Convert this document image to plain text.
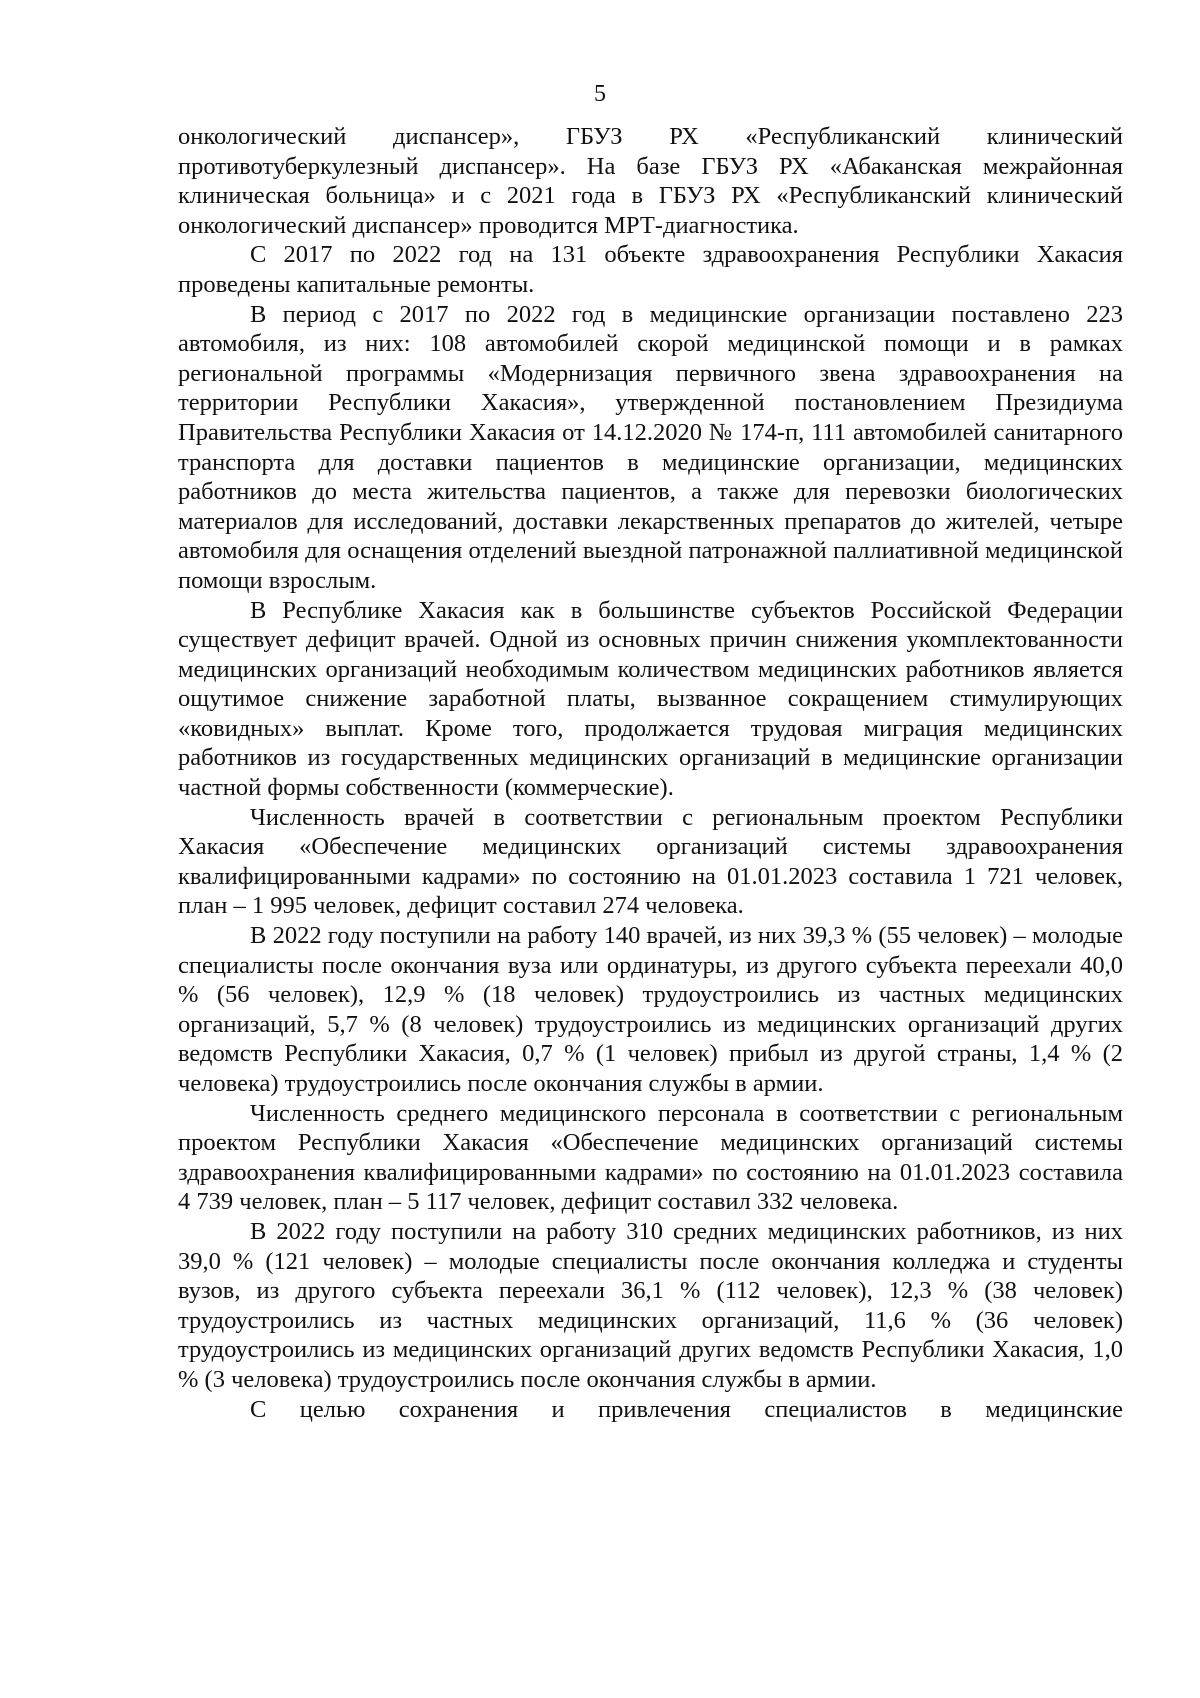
5

онкологический диспансер», ГБУЗ РХ «Республиканский клинический противотуберкулезный диспансер». На базе ГБУЗ РХ «Абаканская межрайонная клиническая больница» и с 2021 года в ГБУЗ РХ «Республиканский клинический онкологический диспансер» проводится МРТ-диагностика.

С 2017 по 2022 год на 131 объекте здравоохранения Республики Хакасия проведены капитальные ремонты.

В период с 2017 по 2022 год в медицинские организации поставлено 223 автомобиля, из них: 108 автомобилей скорой медицинской помощи и в рамках региональной программы «Модернизация первичного звена здравоохранения на территории Республики Хакасия», утвержденной постановлением Президиума Правительства Республики Хакасия от 14.12.2020 № 174-п, 111 автомобилей санитарного транспорта для доставки пациентов в медицинские организации, медицинских работников до места жительства пациентов, а также для перевозки биологических материалов для исследований, доставки лекарственных препаратов до жителей, четыре автомобиля для оснащения отделений выездной патронажной паллиативной медицинской помощи взрослым.

В Республике Хакасия как в большинстве субъектов Российской Федерации существует дефицит врачей. Одной из основных причин снижения укомплектованности медицинских организаций необходимым количеством медицинских работников является ощутимое снижение заработной платы, вызванное сокращением стимулирующих «ковидных» выплат. Кроме того, продолжается трудовая миграция медицинских работников из государственных медицинских организаций в медицинские организации частной формы собственности (коммерческие).

Численность врачей в соответствии с региональным проектом Республики Хакасия «Обеспечение медицинских организаций системы здравоохранения квалифицированными кадрами» по состоянию на 01.01.2023 составила 1 721 человек, план – 1 995 человек, дефицит составил 274 человека.

В 2022 году поступили на работу 140 врачей, из них 39,3 % (55 человек) – молодые специалисты после окончания вуза или ординатуры, из другого субъекта переехали 40,0 % (56 человек), 12,9 % (18 человек) трудоустроились из частных медицинских организаций, 5,7 % (8 человек) трудоустроились из медицинских организаций других ведомств Республики Хакасия, 0,7 % (1 человек) прибыл из другой страны, 1,4 % (2 человека) трудоустроились после окончания службы в армии.

Численность среднего медицинского персонала в соответствии с региональным проектом Республики Хакасия «Обеспечение медицинских организаций системы здравоохранения квалифицированными кадрами» по состоянию на 01.01.2023 составила 4 739 человек, план – 5 117 человек, дефицит составил 332 человека.

В 2022 году поступили на работу 310 средних медицинских работников, из них 39,0 % (121 человек) – молодые специалисты после окончания колледжа и студенты вузов, из другого субъекта переехали 36,1 % (112 человек), 12,3 % (38 человек) трудоустроились из частных медицинских организаций, 11,6 % (36 человек) трудоустроились из медицинских организаций других ведомств Республики Хакасия, 1,0 % (3 человека) трудоустроились после окончания службы в армии.

С целью сохранения и привлечения специалистов в медицинские
